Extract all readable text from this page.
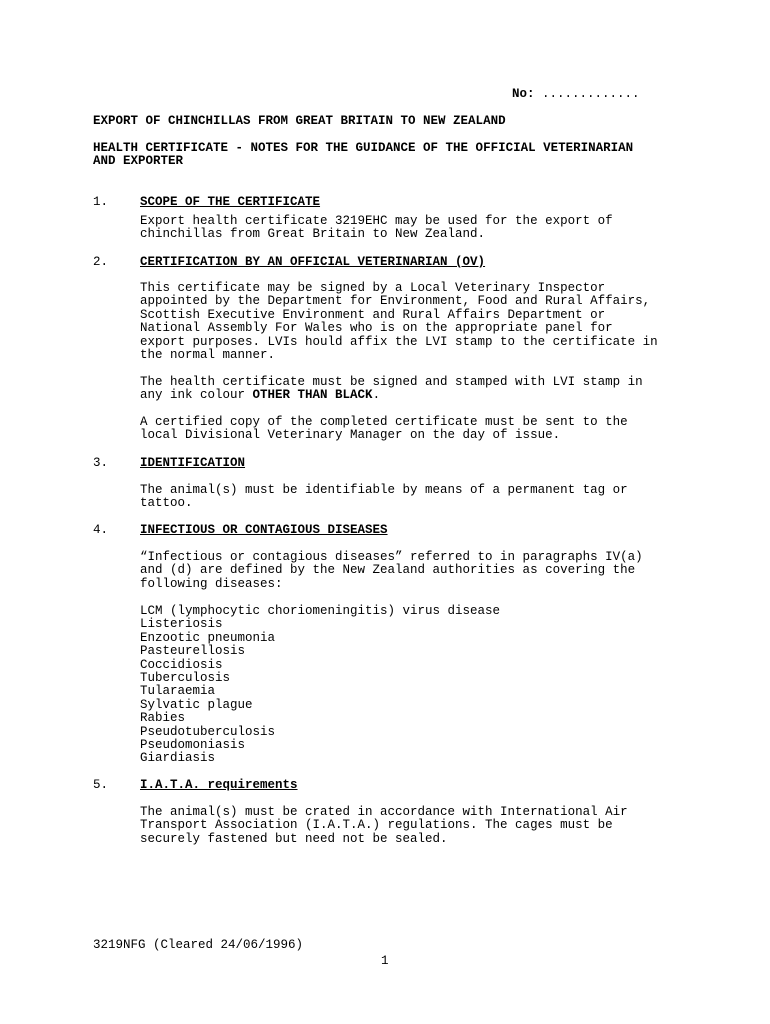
No: .............
EXPORT OF CHINCHILLAS FROM GREAT BRITAIN TO NEW ZEALAND
HEALTH CERTIFICATE - NOTES FOR THE GUIDANCE OF THE OFFICIAL VETERINARIAN
AND EXPORTER
1.	SCOPE OF THE CERTIFICATE
Export health certificate 3219EHC may be used for the export of
chinchillas from Great Britain to New Zealand.
2.	CERTIFICATION BY AN OFFICIAL VETERINARIAN (OV)
This certificate may be signed by a Local Veterinary Inspector
appointed by the Department for Environment, Food and Rural Affairs,
Scottish Executive Environment and Rural Affairs Department or
National Assembly For Wales who is on the appropriate panel for
export purposes. LVIs hould affix the LVI stamp to the certificate in
the normal manner.
The health certificate must be signed and stamped with LVI stamp in
any ink colour OTHER THAN BLACK.
A certified copy of the completed certificate must be sent to the
local Divisional Veterinary Manager on the day of issue.
3.	IDENTIFICATION
The animal(s) must be identifiable by means of a permanent tag or
tattoo.
4.	INFECTIOUS OR CONTAGIOUS DISEASES
“Infectious or contagious diseases” referred to in paragraphs IV(a)
and (d) are defined by the New Zealand authorities as covering the
following diseases:
LCM (lymphocytic choriomeningitis) virus disease
Listeriosis
Enzootic pneumonia
Pasteurellosis
Coccidiosis
Tuberculosis
Tularaemia
Sylvatic plague
Rabies
Pseudotuberculosis
Pseudomoniasis
Giardiasis
5.	I.A.T.A. requirements
The animal(s) must be crated in accordance with International Air
Transport Association (I.A.T.A.) regulations. The cages must be
securely fastened but need not be sealed.
3219NFG (Cleared 24/06/1996)
1
